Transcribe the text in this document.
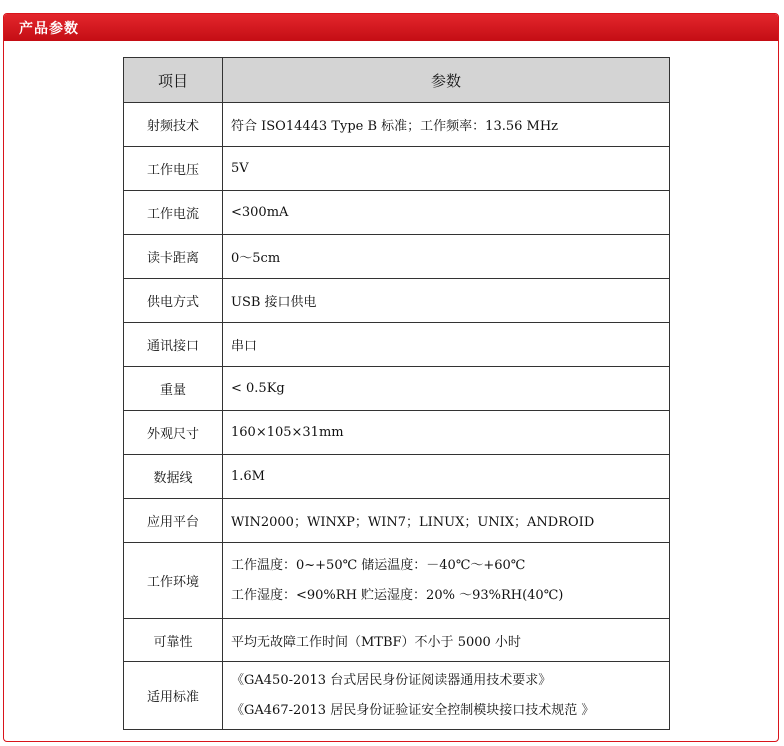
产品参数
项目	参数
射频技术	符合 ISO14443 Type B 标准；工作频率：13.56 MHz
工作电压	5V
工作电流	<300mA
读卡距离	0～5cm
供电方式	USB 接口供电
通讯接口	串口
重量	< 0.5Kg
外观尺寸	160×105×31mm
数据线	1.6M
应用平台	WIN2000；WINXP；WIN7；LINUX；UNIX；ANDROID
工作环境	工作温度：0~+50℃ 储运温度：－40℃～+60℃
工作湿度：<90%RH 贮运湿度：20% ～93%RH(40℃)

可靠性	平均无故障工作时间（MTBF）不小于 5000 小时
适用标准	《GA450-2013 台式居民身份证阅读器通用技术要求》
《GA467-2013 居民身份证验证安全控制模块接口技术规范 》
